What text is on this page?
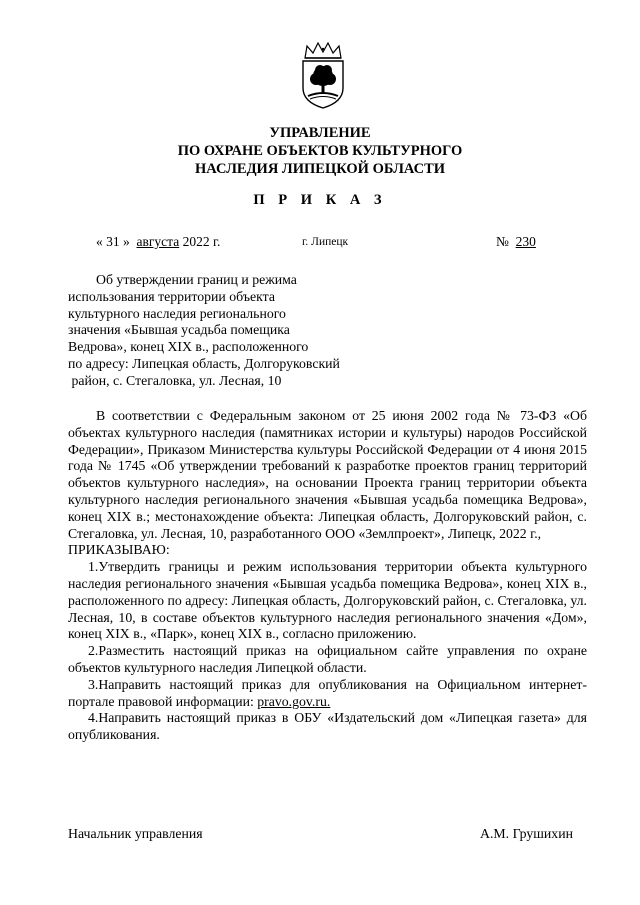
УПРАВЛЕНИЕ
ПО ОХРАНЕ ОБЪЕКТОВ КУЛЬТУРНОГО
НАСЛЕДИЯ ЛИПЕЦКОЙ ОБЛАСТИ
П Р И К А З
« 31 » августа 2022 г.	г. Липецк	№ 230
Об утверждении границ и режима
использования территории объекта
культурного наследия регионального
значения «Бывшая усадьба помещика
Ведрова», конец XIX в., расположенного
по адресу: Липецкая область, Долгоруковский
район, с. Стегаловка, ул. Лесная, 10

В соответствии с Федеральным законом от 25 июня 2002 года № 73-ФЗ «Об объектах культурного наследия (памятниках истории и культуры) народов Российской Федерации», Приказом Министерства культуры Российской Федерации от 4 июня 2015 года № 1745 «Об утверждении требований к разработке проектов границ территорий объектов культурного наследия», на основании Проекта границ территории объекта культурного наследия регионального значения «Бывшая усадьба помещика Ведрова», конец XIX в.; местонахождение объекта: Липецкая область, Долгоруковский район, с. Стегаловка, ул. Лесная, 10, разработанного ООО «Землпроект», Липецк, 2022 г.,

ПРИКАЗЫВАЮ:

1.Утвердить границы и режим использования территории объекта культурного наследия регионального значения «Бывшая усадьба помещика Ведрова», конец XIX в., расположенного по адресу: Липецкая область, Долгоруковский район, с. Стегаловка, ул. Лесная, 10, в составе объектов культурного наследия регионального значения «Дом», конец XIX в., «Парк», конец XIX в., согласно приложению.

2.Разместить настоящий приказ на официальном сайте управления по охране объектов культурного наследия Липецкой области.

3.Направить настоящий приказ для опубликования на Официальном интернет-портале правовой информации: pravo.gov.ru.

4.Направить настоящий приказ в ОБУ «Издательский дом «Липецкая газета» для опубликования.

Начальник управления	А.М. Грушихин
